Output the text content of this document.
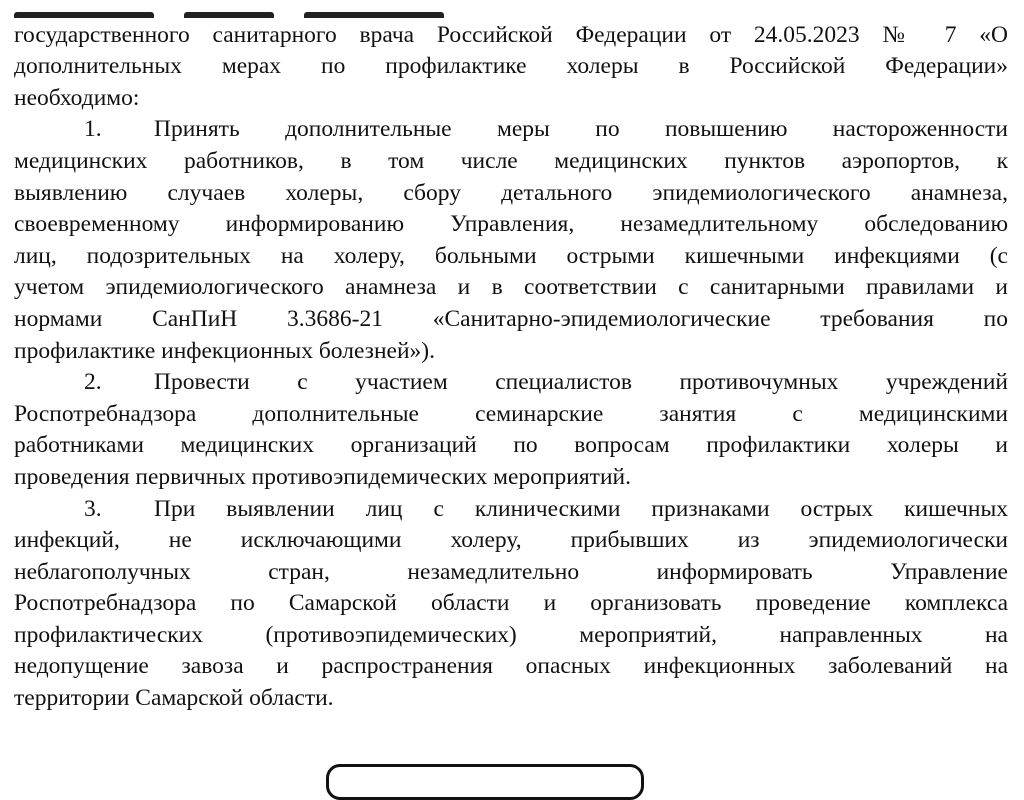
государственного санитарного врача Российской Федерации от 24.05.2023 № 7 «О
дополнительных мерах по профилактике холеры в Российской Федерации»
необходимо:
1. Принять дополнительные меры по повышению настороженности
медицинских работников, в том числе медицинских пунктов аэропортов, к
выявлению случаев холеры, сбору детального эпидемиологического анамнеза,
своевременному информированию Управления, незамедлительному обследованию
лиц, подозрительных на холеру, больными острыми кишечными инфекциями (с
учетом эпидемиологического анамнеза и в соответствии с санитарными правилами и
нормами СанПиН 3.3686-21 «Санитарно-эпидемиологические требования по
профилактике инфекционных болезней»).
2. Провести с участием специалистов противочумных учреждений
Роспотребнадзора дополнительные семинарские занятия с медицинскими
работниками медицинских организаций по вопросам профилактики холеры и
проведения первичных противоэпидемических мероприятий.
3. При выявлении лиц с клиническими признаками острых кишечных
инфекций, не исключающими холеру, прибывших из эпидемиологически
неблагополучных стран, незамедлительно информировать Управление
Роспотребнадзора по Самарской области и организовать проведение комплекса
профилактических (противоэпидемических) мероприятий, направленных на
недопущение завоза и распространения опасных инфекционных заболеваний на
территории Самарской области.
